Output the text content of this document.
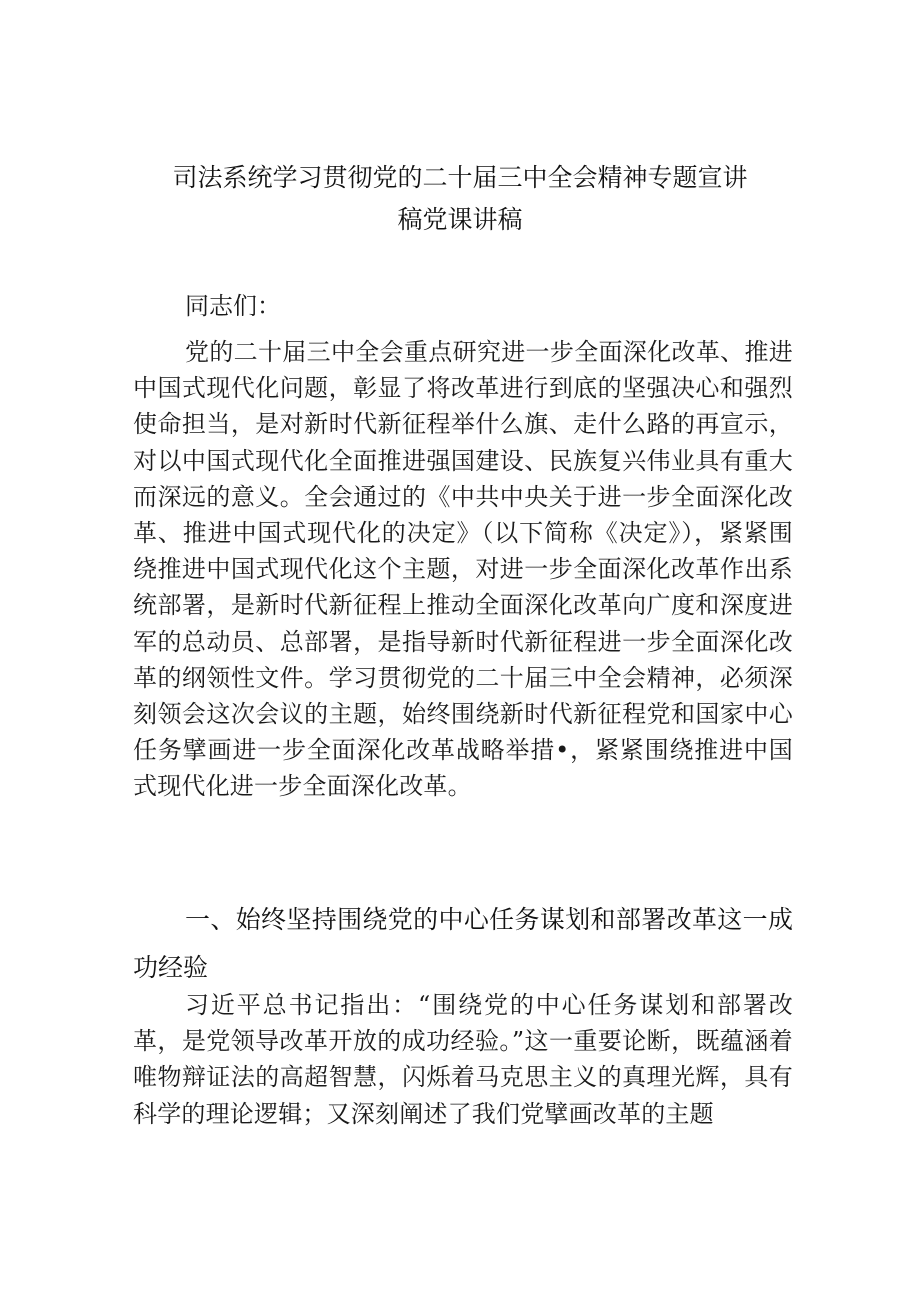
司法系统学习贯彻党的二十届三中全会精神专题宣讲
稿党课讲稿
同志们：
党的二十届三中全会重点研究进一步全面深化改革、推进中国式现代化问题，彰显了将改革进行到底的坚强决心和强烈使命担当，是对新时代新征程举什么旗、走什么路的再宣示，对以中国式现代化全面推进强国建设、民族复兴伟业具有重大而深远的意义。全会通过的《中共中央关于进一步全面深化改革、推进中国式现代化的决定》（以下简称《决定》），紧紧围绕推进中国式现代化这个主题，对进一步全面深化改革作出系统部署，是新时代新征程上推动全面深化改革向广度和深度进军的总动员、总部署，是指导新时代新征程进一步全面深化改革的纲领性文件。学习贯彻党的二十届三中全会精神，必须深刻领会这次会议的主题，始终围绕新时代新征程党和国家中心任务擘画进一步全面深化改革战略举措•，紧紧围绕推进中国式现代化进一步全面深化改革。
一、始终坚持围绕党的中心任务谋划和部署改革这一成功经验
习近平总书记指出：“围绕党的中心任务谋划和部署改革，是党领导改革开放的成功经验。”这一重要论断，既蕴涵着唯物辩证法的高超智慧，闪烁着马克思主义的真理光辉，具有科学的理论逻辑；又深刻阐述了我们党擘画改革的主题
